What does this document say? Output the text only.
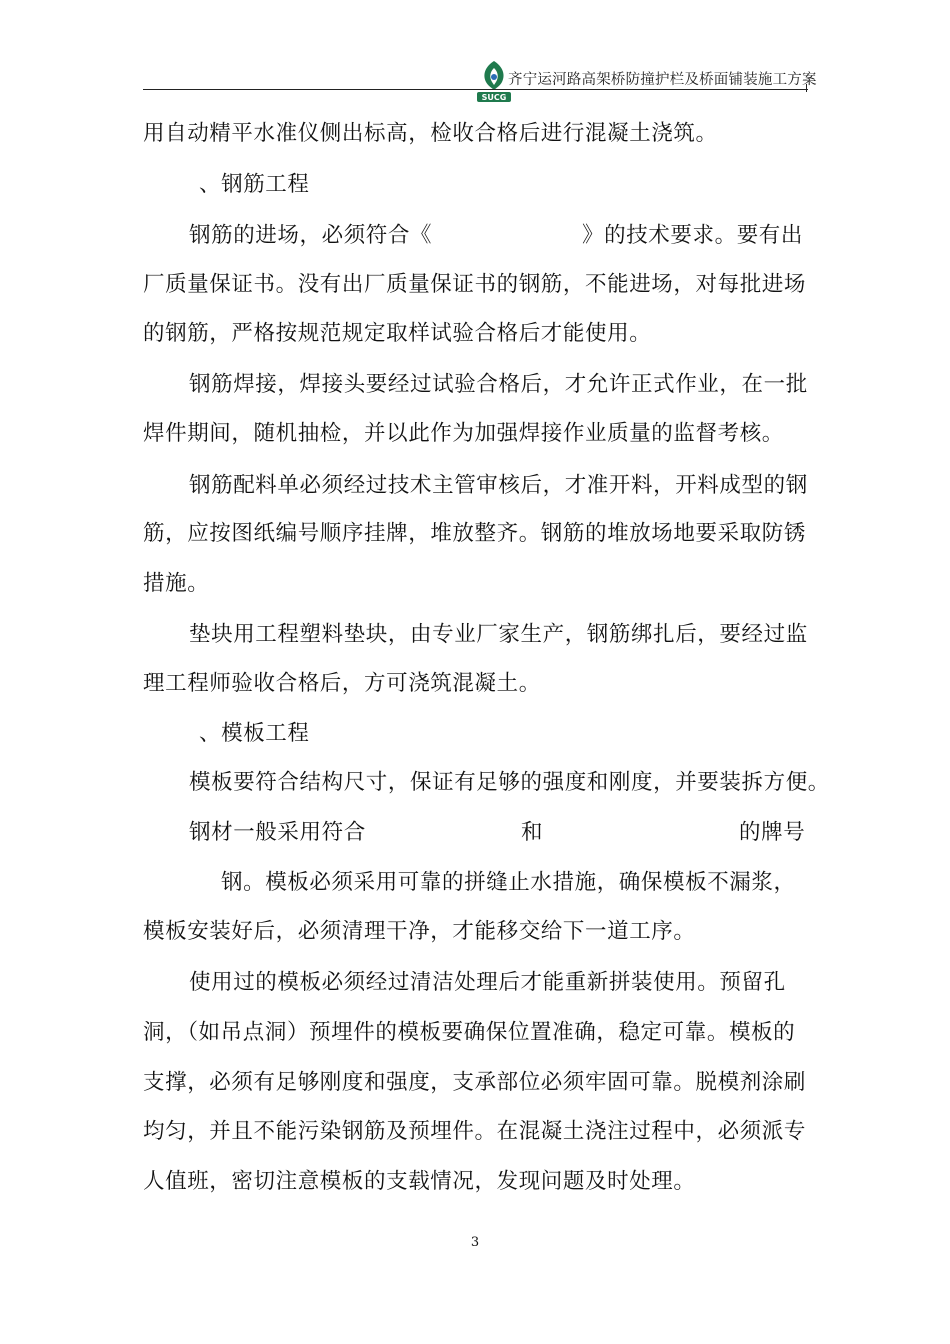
SUCG
齐宁运河路高架桥防撞护栏及桥面铺装施工方案
用自动精平水准仪侧出标高，检收合格后进行混凝土浇筑。
、钢筋工程
钢筋的进场，必须符合《	》的技术要求。要有出
厂质量保证书。没有出厂质量保证书的钢筋，不能进场，对每批进场
的钢筋，严格按规范规定取样试验合格后才能使用。
钢筋焊接，焊接头要经过试验合格后，才允许正式作业，在一批
焊件期间，随机抽检，并以此作为加强焊接作业质量的监督考核。
钢筋配料单必须经过技术主管审核后，才准开料，开料成型的钢
筋，应按图纸编号顺序挂牌，堆放整齐。钢筋的堆放场地要采取防锈
措施。
垫块用工程塑料垫块，由专业厂家生产，钢筋绑扎后，要经过监
理工程师验收合格后，方可浇筑混凝土。
、模板工程
模板要符合结构尺寸，保证有足够的强度和刚度，并要装拆方便。
钢材一般采用符合	和	的牌号
钢。模板必须采用可靠的拼缝止水措施，确保模板不漏浆，
模板安装好后，必须清理干净，才能移交给下一道工序。
使用过的模板必须经过清洁处理后才能重新拼装使用。预留孔
洞，（如吊点洞）预埋件的模板要确保位置准确，稳定可靠。模板的
支撑，必须有足够刚度和强度，支承部位必须牢固可靠。脱模剂涂刷
均匀，并且不能污染钢筋及预埋件。在混凝土浇注过程中，必须派专
人值班，密切注意模板的支载情况，发现问题及时处理。
3
